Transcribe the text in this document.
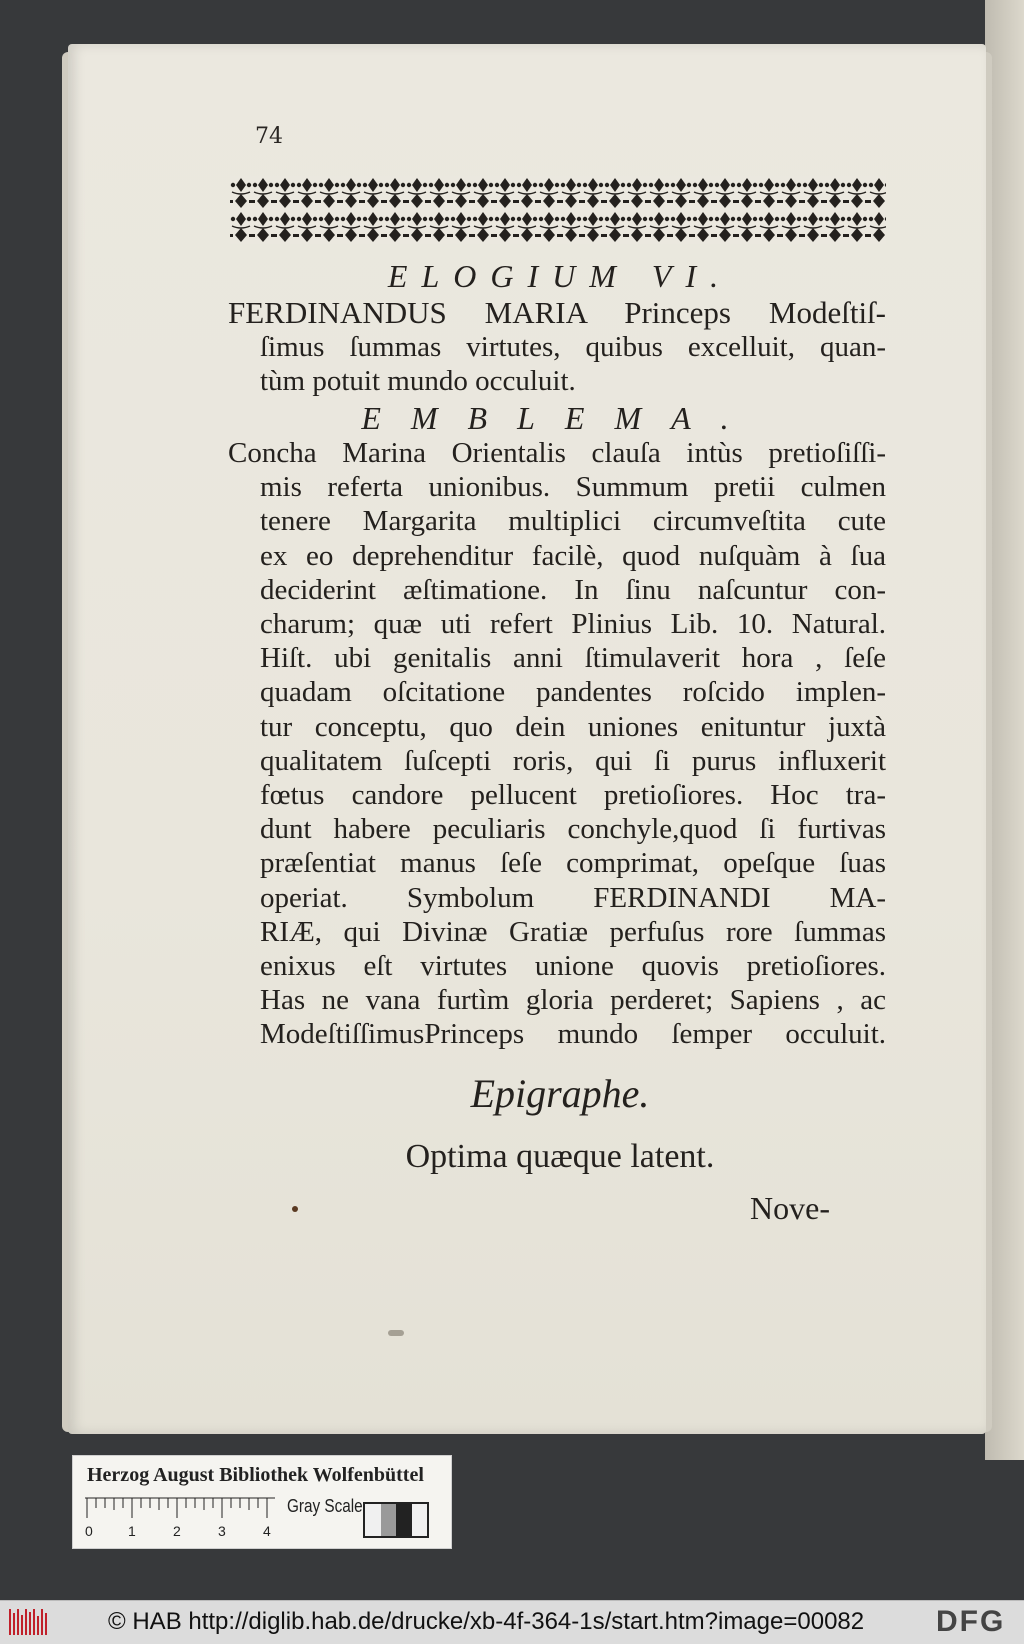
74
ELOGIUM VI.
FERDINANDUS MARIA Princeps Modeſtiſ-
ſimus ſummas virtutes, quibus excelluit, quan-
tùm potuit mundo occuluit.
EMBLEMA.
Concha Marina Orientalis clauſa intùs pretioſiſſi-
mis referta unionibus. Summum pretii culmen
tenere Margarita multiplici circumveſtita cute
ex eo deprehenditur facilè, quod nuſquàm à ſua
deciderint æſtimatione. In ſinu naſcuntur con-
charum; quæ uti refert Plinius Lib. 10. Natural.
Hiſt. ubi genitalis anni ſtimulaverit hora , ſeſe
quadam oſcitatione pandentes roſcido implen-
tur conceptu, quo dein uniones enituntur juxtà
qualitatem ſuſcepti roris, qui ſi purus influxerit
fœtus candore pellucent pretioſiores. Hoc tra-
dunt habere peculiaris conchyle,quod ſi furtivas
præſentiat manus ſeſe comprimat, opeſque ſuas
operiat. Symbolum FERDINANDI MA-
RIÆ, qui Divinæ Gratiæ perfuſus rore ſummas
enixus eſt virtutes unione quovis pretioſiores.
Has ne vana furtìm gloria perderet; Sapiens , ac
ModeſtiſſimusPrinceps mundo ſemper occuluit.
Epigraphe.
Optima quæque latent.
Nove-
Herzog August Bibliothek Wolfenbüttel
0	1	2	3	4
Gray Scale
© HAB http://diglib.hab.de/drucke/xb-4f-364-1s/start.htm?image=00082 DFG
